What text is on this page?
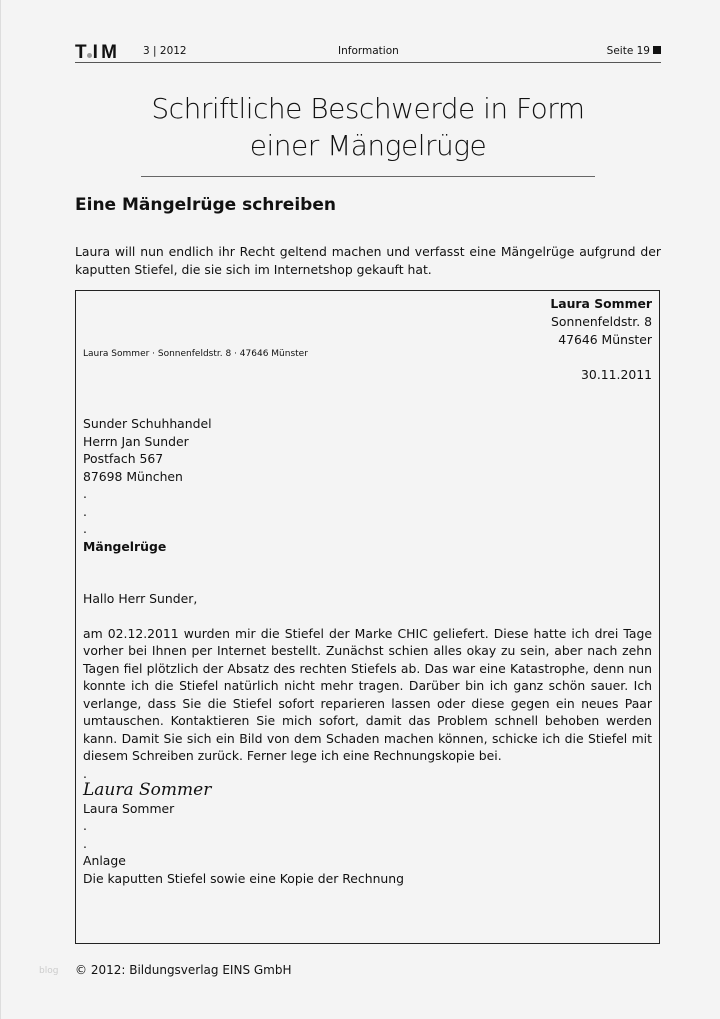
T I M	3 | 2012	Information	Seite 19
Schriftliche Beschwerde in Form
einer Mängelrüge
Eine Mängelrüge schreiben
Laura will nun endlich ihr Recht geltend machen und verfasst eine Mängelrüge aufgrund der kaputten Stiefel, die sie sich im Internetshop gekauft hat.
Laura Sommer
Sonnenfeldstr. 8
47646 Münster
Laura Sommer · Sonnenfeldstr. 8 · 47646 Münster
30.11.2011

Sunder Schuhhandel

Herrn Jan Sunder

Postfach 567

87698 München

.

.

.

Mängelrüge

Hallo Herr Sunder,

am 02.12.2011 wurden mir die Stiefel der Marke CHIC geliefert. Diese hatte ich drei Tage vorher bei Ihnen per Internet bestellt. Zunächst schien alles okay zu sein, aber nach zehn Tagen fiel plötzlich der Absatz des rechten Stiefels ab. Das war eine Katastrophe, denn nun konnte ich die Stiefel natürlich nicht mehr tragen. Darüber bin ich ganz schön sauer. Ich verlange, dass Sie die Stiefel sofort reparieren lassen oder diese gegen ein neues Paar umtauschen. Kontaktieren Sie mich sofort, damit das Problem schnell behoben werden kann. Damit Sie sich ein Bild von dem Schaden machen können, schicke ich die Stiefel mit diesem Schreiben zurück. Ferner lege ich eine Rechnungskopie bei.

.

Laura Sommer

Laura Sommer

.

.

Anlage

Die kaputten Stiefel sowie eine Kopie der Rechnung

blog © 2012: Bildungsverlag EINS GmbH
